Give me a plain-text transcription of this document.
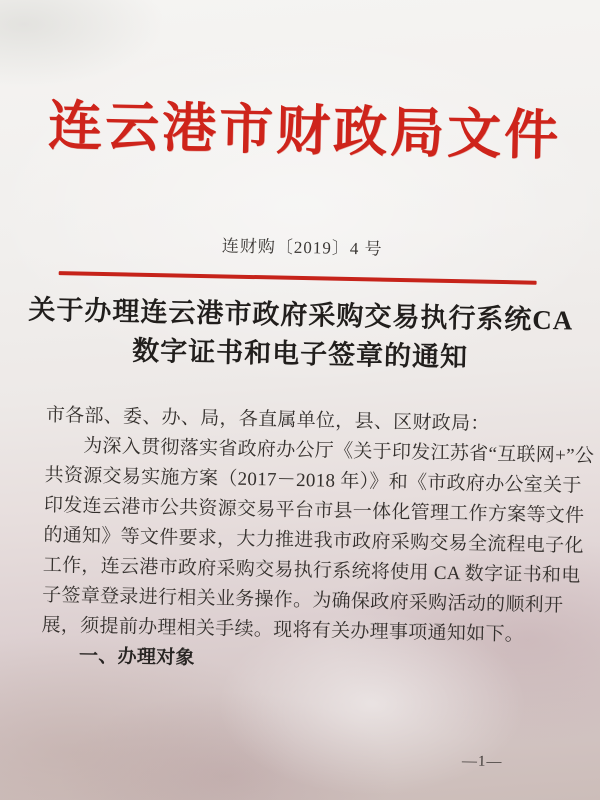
连云港市财政局文件
连财购〔2019〕4 号
关于办理连云港市政府采购交易执行系统CA
数字证书和电子签章的通知
市各部、委、办、局，各直属单位，县、区财政局：
为深入贯彻落实省政府办公厅《关于印发江苏省“互联网+”公
共资源交易实施方案（2017－2018 年）》和《市政府办公室关于
印发连云港市公共资源交易平台市县一体化管理工作方案等文件
的通知》等文件要求，大力推进我市政府采购交易全流程电子化
工作，连云港市政府采购交易执行系统将使用 CA 数字证书和电
子签章登录进行相关业务操作。为确保政府采购活动的顺利开
展，须提前办理相关手续。现将有关办理事项通知如下。
一、办理对象
—1—
